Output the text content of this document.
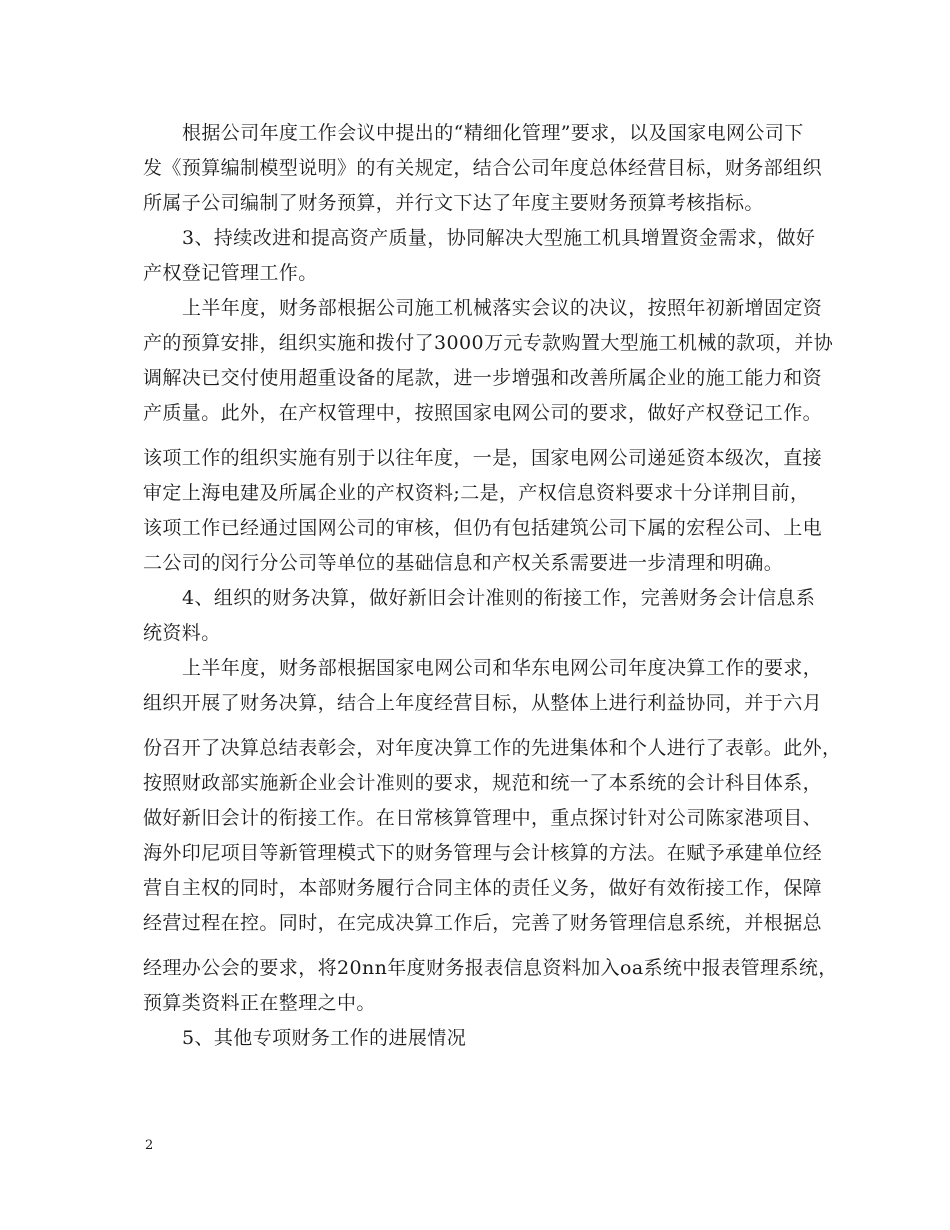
根据公司年度工作会议中提出的“精细化管理”要求，以及国家电网公司下
发《预算编制模型说明》的有关规定，结合公司年度总体经营目标，财务部组织
所属子公司编制了财务预算，并行文下达了年度主要财务预算考核指标。
3、持续改进和提高资产质量，协同解决大型施工机具增置资金需求，做好
产权登记管理工作。
上半年度，财务部根据公司施工机械落实会议的决议，按照年初新增固定资
产的预算安排，组织实施和拨付了3000万元专款购置大型施工机械的款项，并协
调解决已交付使用超重设备的尾款，进一步增强和改善所属企业的施工能力和资
产质量。此外，在产权管理中，按照国家电网公司的要求，做好产权登记工作。
该项工作的组织实施有别于以往年度，一是，国家电网公司递延资本级次，直接
审定上海电建及所属企业的产权资料;二是，产权信息资料要求十分详荆目前，
该项工作已经通过国网公司的审核，但仍有包括建筑公司下属的宏程公司、上电
二公司的闵行分公司等单位的基础信息和产权关系需要进一步清理和明确。
4、组织的财务决算，做好新旧会计准则的衔接工作，完善财务会计信息系
统资料。
上半年度，财务部根据国家电网公司和华东电网公司年度决算工作的要求，
组织开展了财务决算，结合上年度经营目标，从整体上进行利益协同，并于六月
份召开了决算总结表彰会，对年度决算工作的先进集体和个人进行了表彰。此外，
按照财政部实施新企业会计准则的要求，规范和统一了本系统的会计科目体系，
做好新旧会计的衔接工作。在日常核算管理中，重点探讨针对公司陈家港项目、
海外印尼项目等新管理模式下的财务管理与会计核算的方法。在赋予承建单位经
营自主权的同时，本部财务履行合同主体的责任义务，做好有效衔接工作，保障
经营过程在控。同时，在完成决算工作后，完善了财务管理信息系统，并根据总
经理办公会的要求，将20nn年度财务报表信息资料加入oa系统中报表管理系统，
预算类资料正在整理之中。
5、其他专项财务工作的进展情况
2
